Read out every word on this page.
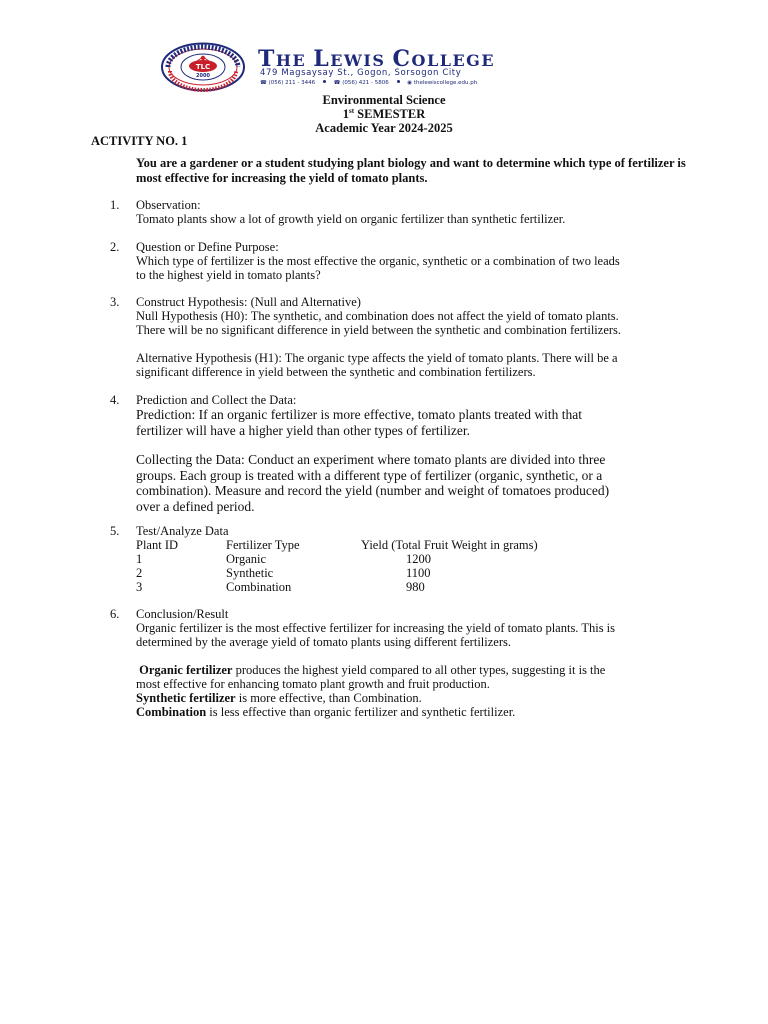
TLC
2000
THE LEWIS COLLEGE
479 Magsaysay St., Gogon, Sorsogon City
☎ (056) 211 - 3446	☎ (056) 421 - 5806	◉ thelewiscollege.edu.ph
Environmental Science
1st SEMESTER
Academic Year 2024-2025
ACTIVITY NO. 1
You are a gardener or a student studying plant biology and want to determine which type of fertilizer is most effective for increasing the yield of tomato plants.
1.	Observation:

Tomato plants show a lot of growth yield on organic fertilizer than synthetic fertilizer.

2.	Question or Define Purpose:

Which type of fertilizer is the most effective the organic, synthetic or a combination of two leads

to the highest yield in tomato plants?

3.	Construct Hypothesis: (Null and Alternative)

Null Hypothesis (H0): The synthetic, and combination does not affect the yield of tomato plants.

There will be no significant difference in yield between the synthetic and combination fertilizers.

Alternative Hypothesis (H1): The organic type affects the yield of tomato plants. There will be a

significant difference in yield between the synthetic and combination fertilizers.

4.	Prediction and Collect the Data:

Prediction: If an organic fertilizer is more effective, tomato plants treated with that

fertilizer will have a higher yield than other types of fertilizer.

Collecting the Data: Conduct an experiment where tomato plants are divided into three

groups. Each group is treated with a different type of fertilizer (organic, synthetic, or a

combination). Measure and record the yield (number and weight of tomatoes produced)

over a defined period.

5.	Test/Analyze Data

Plant ID	Fertilizer Type	Yield (Total Fruit Weight in grams)
1	Organic	1200
2	Synthetic	1100
3	Combination	980
6.	Conclusion/Result

Organic fertilizer is the most effective fertilizer for increasing the yield of tomato plants. This is

determined by the average yield of tomato plants using different fertilizers.

Organic fertilizer produces the highest yield compared to all other types, suggesting it is the

most effective for enhancing tomato plant growth and fruit production.

Synthetic fertilizer is more effective, than Combination.

Combination is less effective than organic fertilizer and synthetic fertilizer.
